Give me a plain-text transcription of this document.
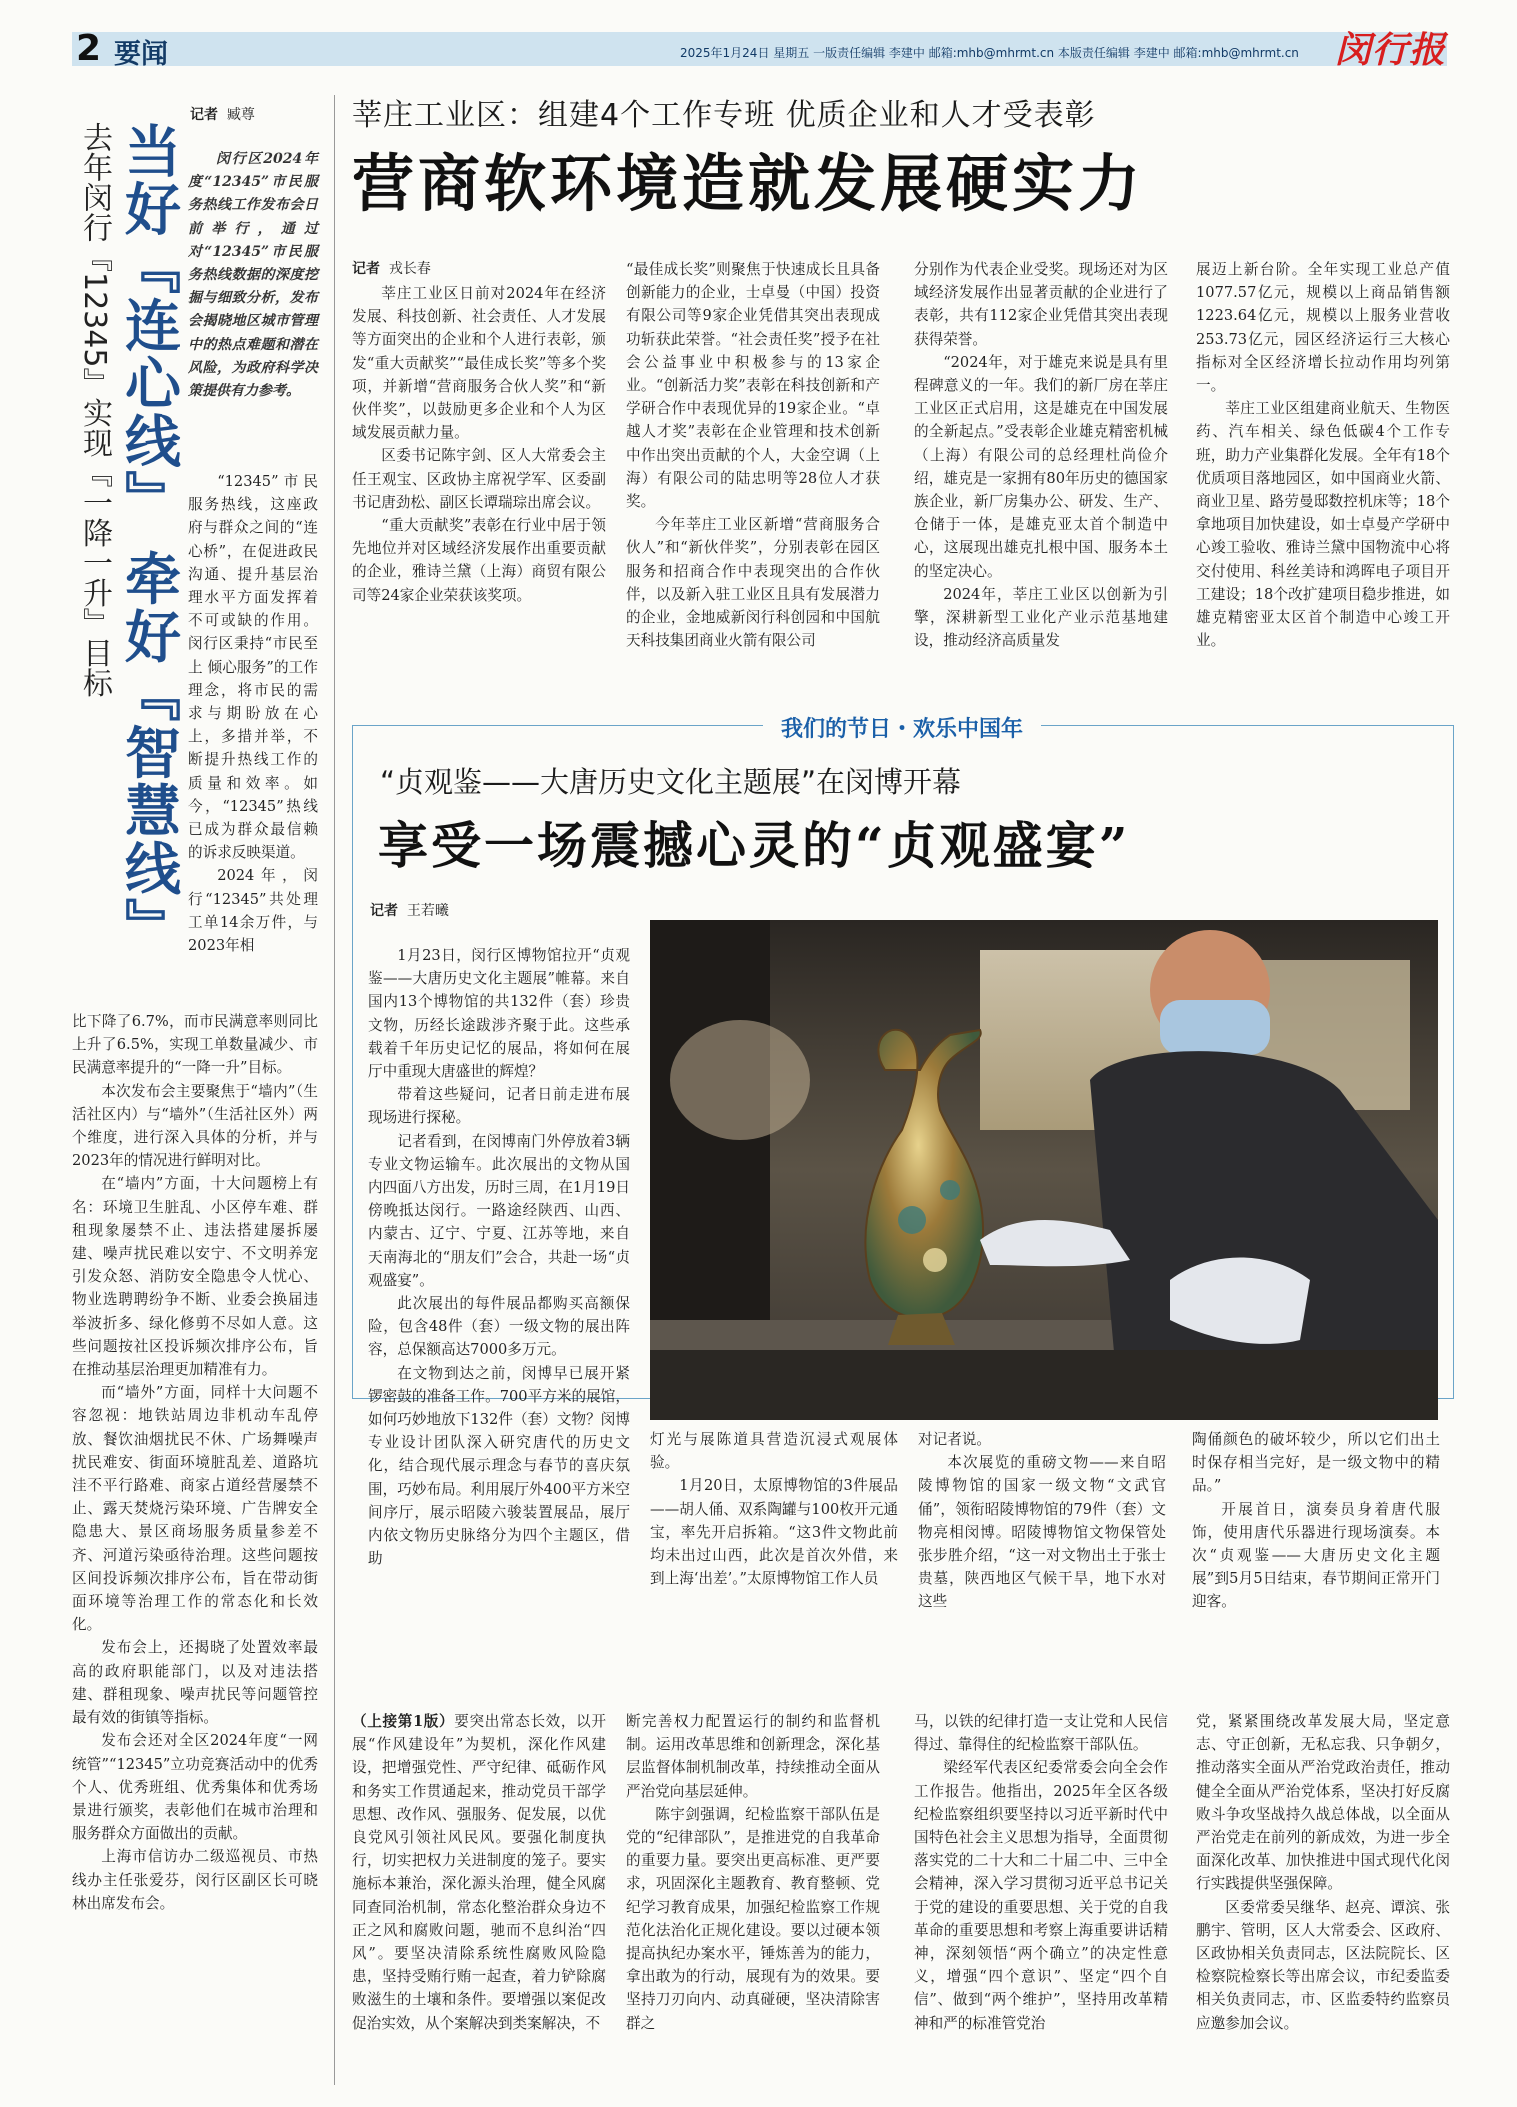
2 要闻	2025年1月24日 星期五 一版责任编辑 李建中 邮箱:mhb@mhrmt.cn 本版责任编辑 李建中 邮箱:mhb@mhrmt.cn 闵行报
记者 臧尊
当好『连心线』 牵好『智慧线』
去年闵行『12345』实现『一降一升』目标	闵行区2024年度“12345”市民服务热线工作发布会日前举行，通过对“12345”市民服务热线数据的深度挖掘与细致分析，发布会揭晓地区城市管理中的热点难题和潜在风险，为政府科学决策提供有力参考。

“12345”市民服务热线，这座政府与群众之间的“连心桥”，在促进政民沟通、提升基层治理水平方面发挥着不可或缺的作用。闵行区秉持“市民至上 倾心服务”的工作理念，将市民的需求与期盼放在心上，多措并举，不断提升热线工作的质量和效率。如今，“12345”热线已成为群众最信赖的诉求反映渠道。

2024年，闵行“12345”共处理工单14余万件，与2023年相

比下降了6.7%，而市民满意率则同比上升了6.5%，实现工单数量减少、市民满意率提升的“一降一升”目标。

本次发布会主要聚焦于“墙内”（生活社区内）与“墙外”（生活社区外）两个维度，进行深入具体的分析，并与2023年的情况进行鲜明对比。

在“墙内”方面，十大问题榜上有名：环境卫生脏乱、小区停车难、群租现象屡禁不止、违法搭建屡拆屡建、噪声扰民难以安宁、不文明养宠引发众怒、消防安全隐患令人忧心、物业选聘聘纷争不断、业委会换届违举波折多、绿化修剪不尽如人意。这些问题按社区投诉频次排序公布，旨在推动基层治理更加精准有力。

而“墙外”方面，同样十大问题不容忽视：地铁站周边非机动车乱停放、餐饮油烟扰民不休、广场舞噪声扰民难安、街面环境脏乱差、道路坑洼不平行路难、商家占道经营屡禁不止、露天焚烧污染环境、广告牌安全隐患大、景区商场服务质量参差不齐、河道污染亟待治理。这些问题按区间投诉频次排序公布，旨在带动街面环境等治理工作的常态化和长效化。

发布会上，还揭晓了处置效率最高的政府职能部门，以及对违法搭建、群租现象、噪声扰民等问题管控最有效的街镇等指标。

发布会还对全区2024年度“一网统管”“12345”立功竞赛活动中的优秀个人、优秀班组、优秀集体和优秀场景进行颁奖，表彰他们在城市治理和服务群众方面做出的贡献。

上海市信访办二级巡视员、市热线办主任张爱芬，闵行区副区长可晓林出席发布会。

莘庄工业区：组建4个工作专班 优质企业和人才受表彰
营商软环境造就发展硬实力
记者 戎长春

莘庄工业区日前对2024年在经济发展、科技创新、社会责任、人才发展等方面突出的企业和个人进行表彰，颁发“重大贡献奖”“最佳成长奖”等多个奖项，并新增“营商服务合伙人奖”和“新伙伴奖”，以鼓励更多企业和个人为区域发展贡献力量。

区委书记陈宇剑、区人大常委会主任王观宝、区政协主席祝学军、区委副书记唐劲松、副区长谭瑞琮出席会议。

“重大贡献奖”表彰在行业中居于领先地位并对区域经济发展作出重要贡献的企业，雅诗兰黛（上海）商贸有限公司等24家企业荣获该奖项。

“最佳成长奖”则聚焦于快速成长且具备创新能力的企业，士卓曼（中国）投资有限公司等9家企业凭借其突出表现成功斩获此荣誉。“社会责任奖”授予在社会公益事业中积极参与的13家企业。“创新活力奖”表彰在科技创新和产学研合作中表现优异的19家企业。“卓越人才奖”表彰在企业管理和技术创新中作出突出贡献的个人，大金空调（上海）有限公司的陆忠明等28位人才获奖。

今年莘庄工业区新增“营商服务合伙人”和“新伙伴奖”，分别表彰在园区服务和招商合作中表现突出的合作伙伴，以及新入驻工业区且具有发展潜力的企业，金地威新闵行科创园和中国航天科技集团商业火箭有限公司

分别作为代表企业受奖。现场还对为区域经济发展作出显著贡献的企业进行了表彰，共有112家企业凭借其突出表现获得荣誉。

“2024年，对于雄克来说是具有里程碑意义的一年。我们的新厂房在莘庄工业区正式启用，这是雄克在中国发展的全新起点。”受表彰企业雄克精密机械（上海）有限公司的总经理杜尚俭介绍，雄克是一家拥有80年历史的德国家族企业，新厂房集办公、研发、生产、仓储于一体，是雄克亚太首个制造中心，这展现出雄克扎根中国、服务本土的坚定决心。

2024年，莘庄工业区以创新为引擎，深耕新型工业化产业示范基地建设，推动经济高质量发

展迈上新台阶。全年实现工业总产值1077.57亿元，规模以上商品销售额1223.64亿元，规模以上服务业营收253.73亿元，园区经济运行三大核心指标对全区经济增长拉动作用均列第一。

莘庄工业区组建商业航天、生物医药、汽车相关、绿色低碳4个工作专班，助力产业集群化发展。全年有18个优质项目落地园区，如中国商业火箭、商业卫星、路劳曼邸数控机床等；18个拿地项目加快建设，如士卓曼产学研中心竣工验收、雅诗兰黛中国物流中心将交付使用、科丝美诗和鸿晖电子项目开工建设；18个改扩建项目稳步推进，如雄克精密亚太区首个制造中心竣工开业。

我们的节日・欢乐中国年
“贞观鉴——大唐历史文化主题展”在闵博开幕
享受一场震撼心灵的“贞观盛宴”
记者 王若曦

1月23日，闵行区博物馆拉开“贞观鉴——大唐历史文化主题展”帷幕。来自国内13个博物馆的共132件（套）珍贵文物，历经长途跋涉齐聚于此。这些承载着千年历史记忆的展品，将如何在展厅中重现大唐盛世的辉煌？

带着这些疑问，记者日前走进布展现场进行探秘。

记者看到，在闵博南门外停放着3辆专业文物运输车。此次展出的文物从国内四面八方出发，历时三周，在1月19日傍晚抵达闵行。一路途经陕西、山西、内蒙古、辽宁、宁夏、江苏等地，来自天南海北的“朋友们”会合，共赴一场“贞观盛宴”。

此次展出的每件展品都购买高额保险，包含48件（套）一级文物的展出阵容，总保额高达7000多万元。

在文物到达之前，闵博早已展开紧锣密鼓的准备工作。700平方米的展馆，如何巧妙地放下132件（套）文物？闵博专业设计团队深入研究唐代的历史文化，结合现代展示理念与春节的喜庆氛围，巧妙布局。利用展厅外400平方米空间序厅，展示昭陵六骏装置展品，展厅内依文物历史脉络分为四个主题区，借助

灯光与展陈道具营造沉浸式观展体验。

1月20日，太原博物馆的3件展品——胡人俑、双系陶罐与100枚开元通宝，率先开启拆箱。“这3件文物此前均未出过山西，此次是首次外借，来到上海‘出差’。”太原博物馆工作人员

对记者说。

本次展览的重磅文物——来自昭陵博物馆的国家一级文物“文武官俑”，领衔昭陵博物馆的79件（套）文物亮相闵博。昭陵博物馆文物保管处张步胜介绍，“这一对文物出土于张士贵墓，陕西地区气候干旱，地下水对这些

陶俑颜色的破坏较少，所以它们出土时保存相当完好，是一级文物中的精品。”

开展首日，演奏员身着唐代服饰，使用唐代乐器进行现场演奏。本次“贞观鉴——大唐历史文化主题展”到5月5日结束，春节期间正常开门迎客。

（上接第1版）要突出常态长效，以开展“作风建设年”为契机，深化作风建设，把增强党性、严守纪律、砥砺作风和务实工作贯通起来，推动党员干部学思想、改作风、强服务、促发展，以优良党风引领社风民风。要强化制度执行，切实把权力关进制度的笼子。要实施标本兼治，深化源头治理，健全风腐同查同治机制，常态化整治群众身边不正之风和腐败问题，驰而不息纠治“四风”。要坚决清除系统性腐败风险隐患，坚持受贿行贿一起查，着力铲除腐败滋生的土壤和条件。要增强以案促改促治实效，从个案解决到类案解决，不

断完善权力配置运行的制约和监督机制。运用改革思维和创新理念，深化基层监督体制机制改革，持续推动全面从严治党向基层延伸。

陈宇剑强调，纪检监察干部队伍是党的“纪律部队”，是推进党的自我革命的重要力量。要突出更高标准、更严要求，巩固深化主题教育、教育整顿、党纪学习教育成果，加强纪检监察工作规范化法治化正规化建设。要以过硬本领提高执纪办案水平，锤炼善为的能力，拿出敢为的行动，展现有为的效果。要坚持刀刃向内、动真碰硬，坚决清除害群之

马，以铁的纪律打造一支让党和人民信得过、靠得住的纪检监察干部队伍。

梁经军代表区纪委常委会向全会作工作报告。他指出，2025年全区各级纪检监察组织要坚持以习近平新时代中国特色社会主义思想为指导，全面贯彻落实党的二十大和二十届二中、三中全会精神，深入学习贯彻习近平总书记关于党的建设的重要思想、关于党的自我革命的重要思想和考察上海重要讲话精神，深刻领悟“两个确立”的决定性意义，增强“四个意识”、坚定“四个自信”、做到“两个维护”，坚持用改革精神和严的标准管党治

党，紧紧围绕改革发展大局，坚定意志、守正创新，无私忘我、只争朝夕，推动落实全面从严治党政治责任，推动健全全面从严治党体系，坚决打好反腐败斗争攻坚战持久战总体战，以全面从严治党走在前列的新成效，为进一步全面深化改革、加快推进中国式现代化闵行实践提供坚强保障。

区委常委吴继华、赵亮、谭滨、张鹏宇、管明，区人大常委会、区政府、区政协相关负责同志，区法院院长、区检察院检察长等出席会议，市纪委监委相关负责同志，市、区监委特约监察员应邀参加会议。
